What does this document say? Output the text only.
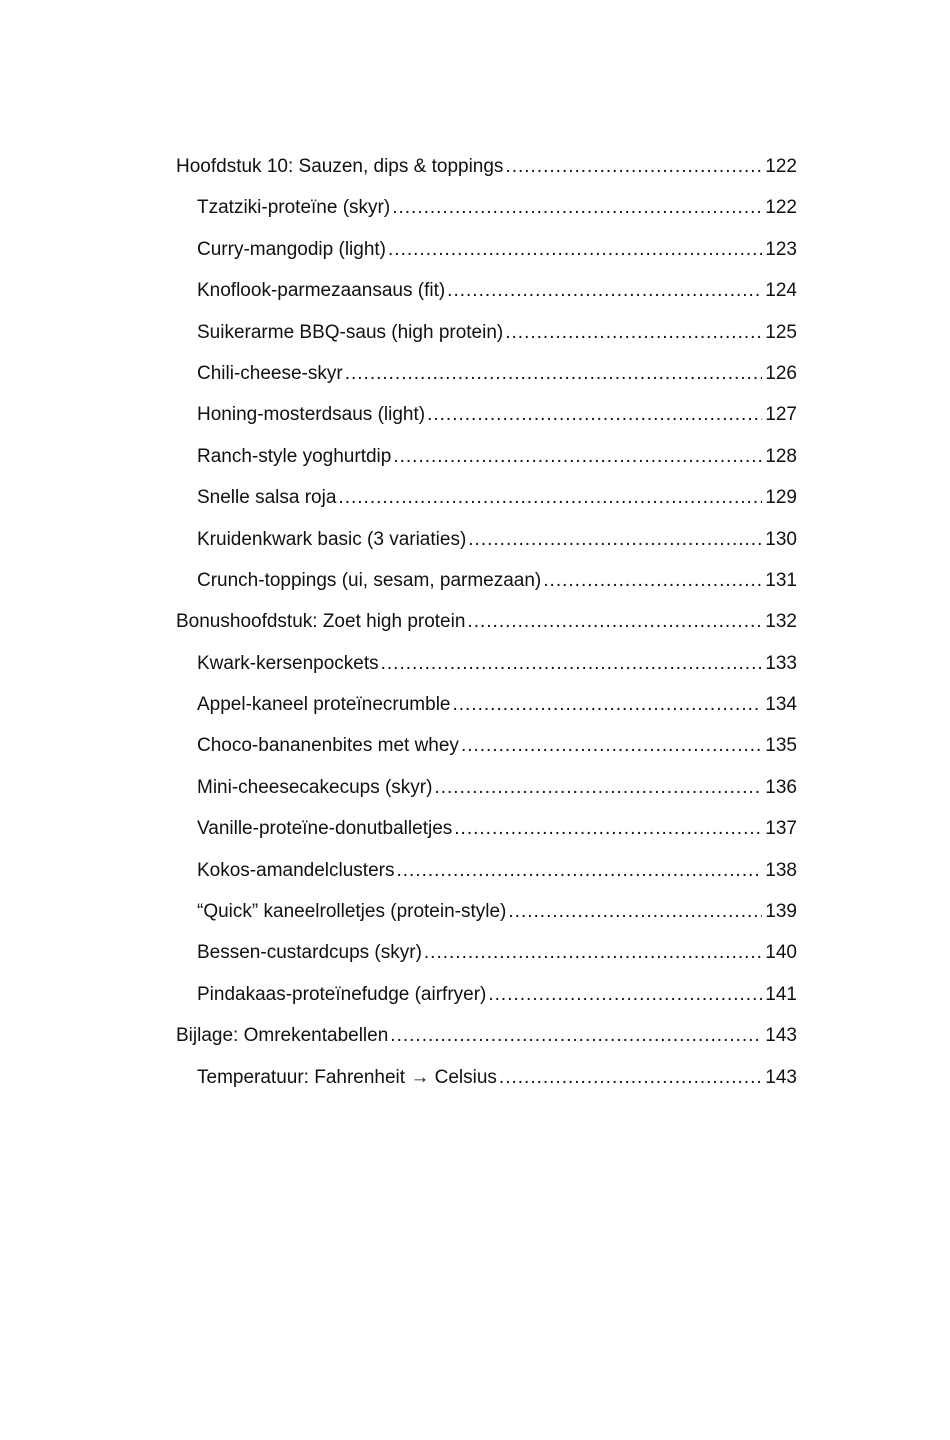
Hoofdstuk 10: Sauzen, dips & toppings .....	122
Tzatziki-proteïne (skyr) .....	122
Curry-mangodip (light) .....	123
Knoflook-parmezaansaus (fit) .....	124
Suikerarme BBQ-saus (high protein) .....	125
Chili-cheese-skyr .....	126
Honing-mosterdsaus (light) .....	127
Ranch-style yoghurtdip .....	128
Snelle salsa roja .....	129
Kruidenkwark basic (3 variaties) .....	130
Crunch-toppings (ui, sesam, parmezaan) .....	131
Bonushoofdstuk: Zoet high protein .....	132
Kwark-kersenpockets .....	133
Appel-kaneel proteïnecrumble .....	134
Choco-bananenbites met whey .....	135
Mini-cheesecakecups (skyr) .....	136
Vanille-proteïne-donutballetjes .....	137
Kokos-amandelclusters .....	138
“Quick” kaneelrolletjes (protein-style) .....	139
Bessen-custardcups (skyr) .....	140
Pindakaas-proteïnefudge (airfryer) .....	141
Bijlage: Omrekentabellen .....	143
Temperatuur: Fahrenheit → Celsius .....	143
